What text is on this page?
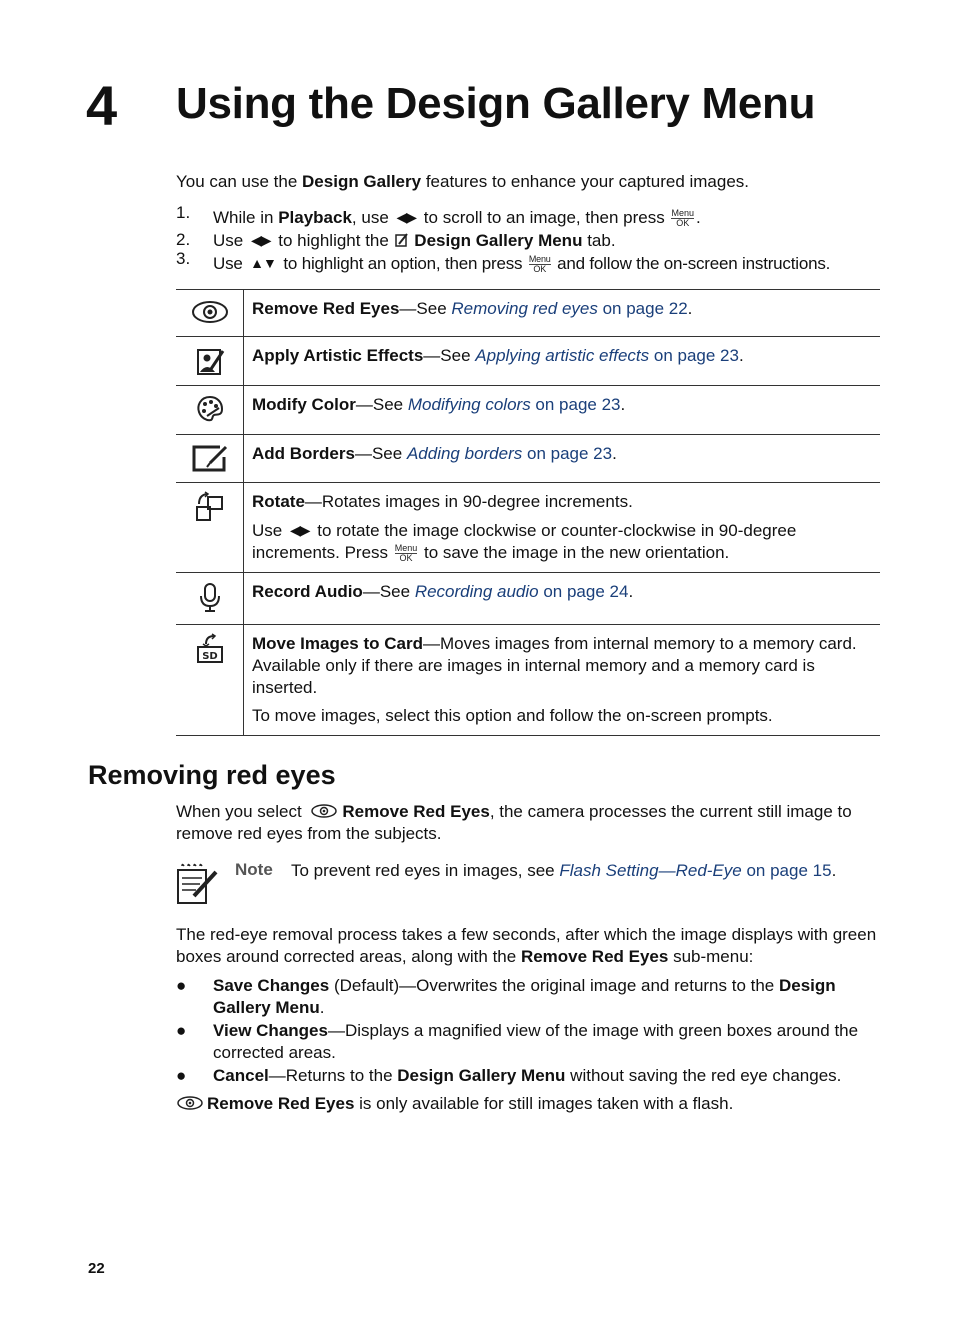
4 Using the Design Gallery Menu
You can use the Design Gallery features to enhance your captured images.
1. While in Playback, use ◀▶ to scroll to an image, then press Menu
OK .
2. Use ◀▶ to highlight the  Design Gallery Menu tab.
3. Use ▲▼ to highlight an option, then press Menu
OK and follow the on-screen instructions.

Remove Red Eyes—See Removing red eyes on page 22.

Apply Artistic Effects—See Applying artistic effects on page 23.

Modify Color—See Modifying colors on page 23.

Add Borders—See Adding borders on page 23.

Rotate—Rotates images in 90-degree increments.

Use ◀▶ to rotate the image clockwise or counter-clockwise in 90-degree increments. Press Menu
OK to save the image in the new orientation.

Record Audio—See Recording audio on page 24.

SD	Move Images to Card—Moves images from internal memory to a memory card. Available only if there are images in internal memory and a memory card is inserted.

To move images, select this option and follow the on-screen prompts.

Removing red eyes
When you select Remove Red Eyes, the camera processes the current still image to remove red eyes from the subjects.
Note To prevent red eyes in images, see Flash Setting—Red-Eye on page 15.
The red-eye removal process takes a few seconds, after which the image displays with green boxes around corrected areas, along with the Remove Red Eyes sub-menu:
● Save Changes (Default)—Overwrites the original image and returns to the Design Gallery Menu.
● View Changes—Displays a magnified view of the image with green boxes around the corrected areas.
● Cancel—Returns to the Design Gallery Menu without saving the red eye changes.
Remove Red Eyes is only available for still images taken with a flash.
22
